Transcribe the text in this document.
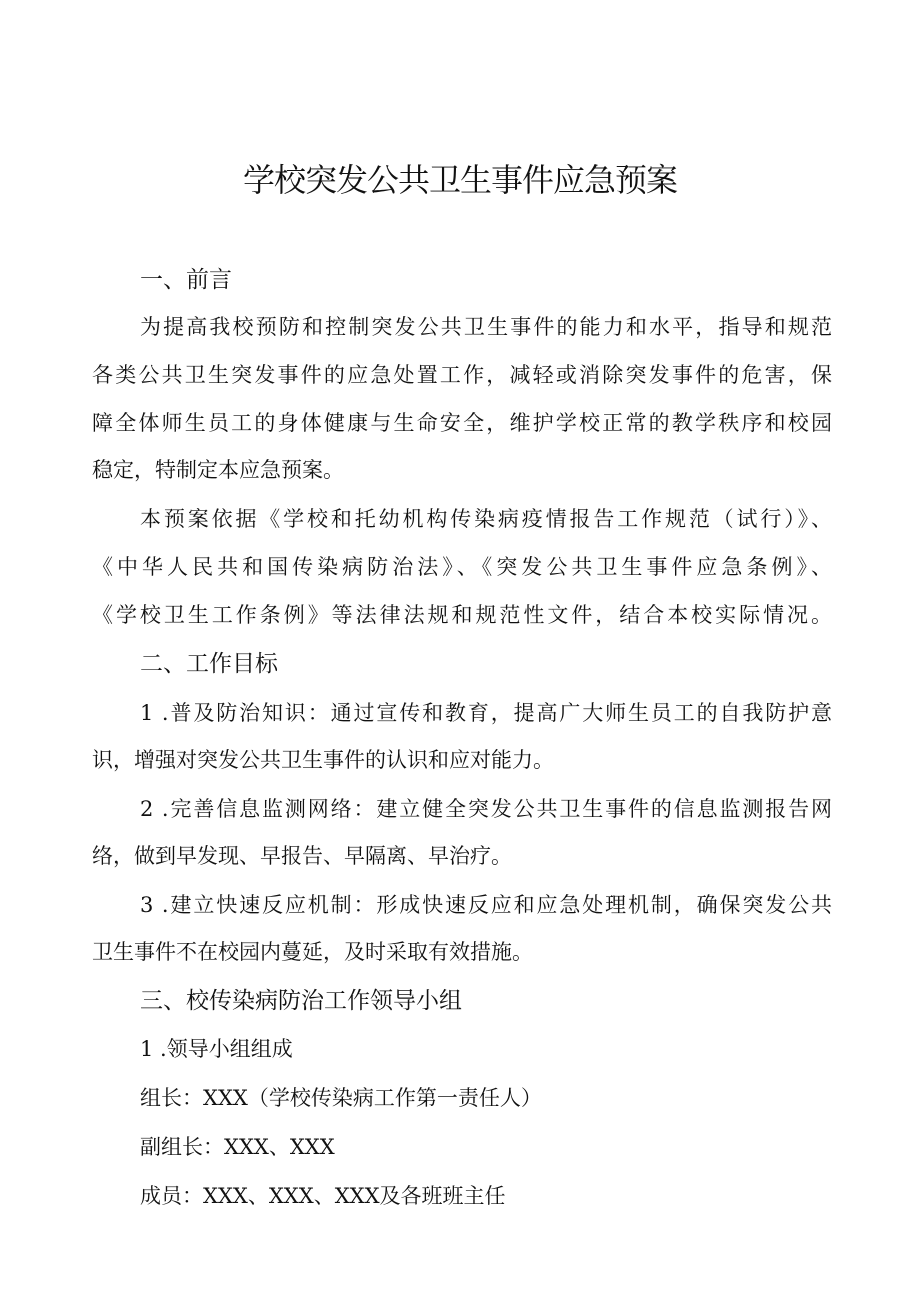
学校突发公共卫生事件应急预案
一、前言
为提高我校预防和控制突发公共卫生事件的能力和水平，指导和规范
各类公共卫生突发事件的应急处置工作，减轻或消除突发事件的危害，保
障全体师生员工的身体健康与生命安全，维护学校正常的教学秩序和校园
稳定，特制定本应急预案。
本预案依据《学校和托幼机构传染病疫情报告工作规范（试行）》、
《中华人民共和国传染病防治法》、《突发公共卫生事件应急条例》、
《学校卫生工作条例》等法律法规和规范性文件，结合本校实际情况。
二、工作目标
1 .普及防治知识：通过宣传和教育，提高广大师生员工的自我防护意
识，增强对突发公共卫生事件的认识和应对能力。
2 .完善信息监测网络：建立健全突发公共卫生事件的信息监测报告网
络，做到早发现、早报告、早隔离、早治疗。
3 .建立快速反应机制：形成快速反应和应急处理机制，确保突发公共
卫生事件不在校园内蔓延，及时采取有效措施。
三、校传染病防治工作领导小组
1 .领导小组组成
组长：XXX（学校传染病工作第一责任人）
副组长：XXX、XXX
成员：XXX、XXX、XXX及各班班主任
